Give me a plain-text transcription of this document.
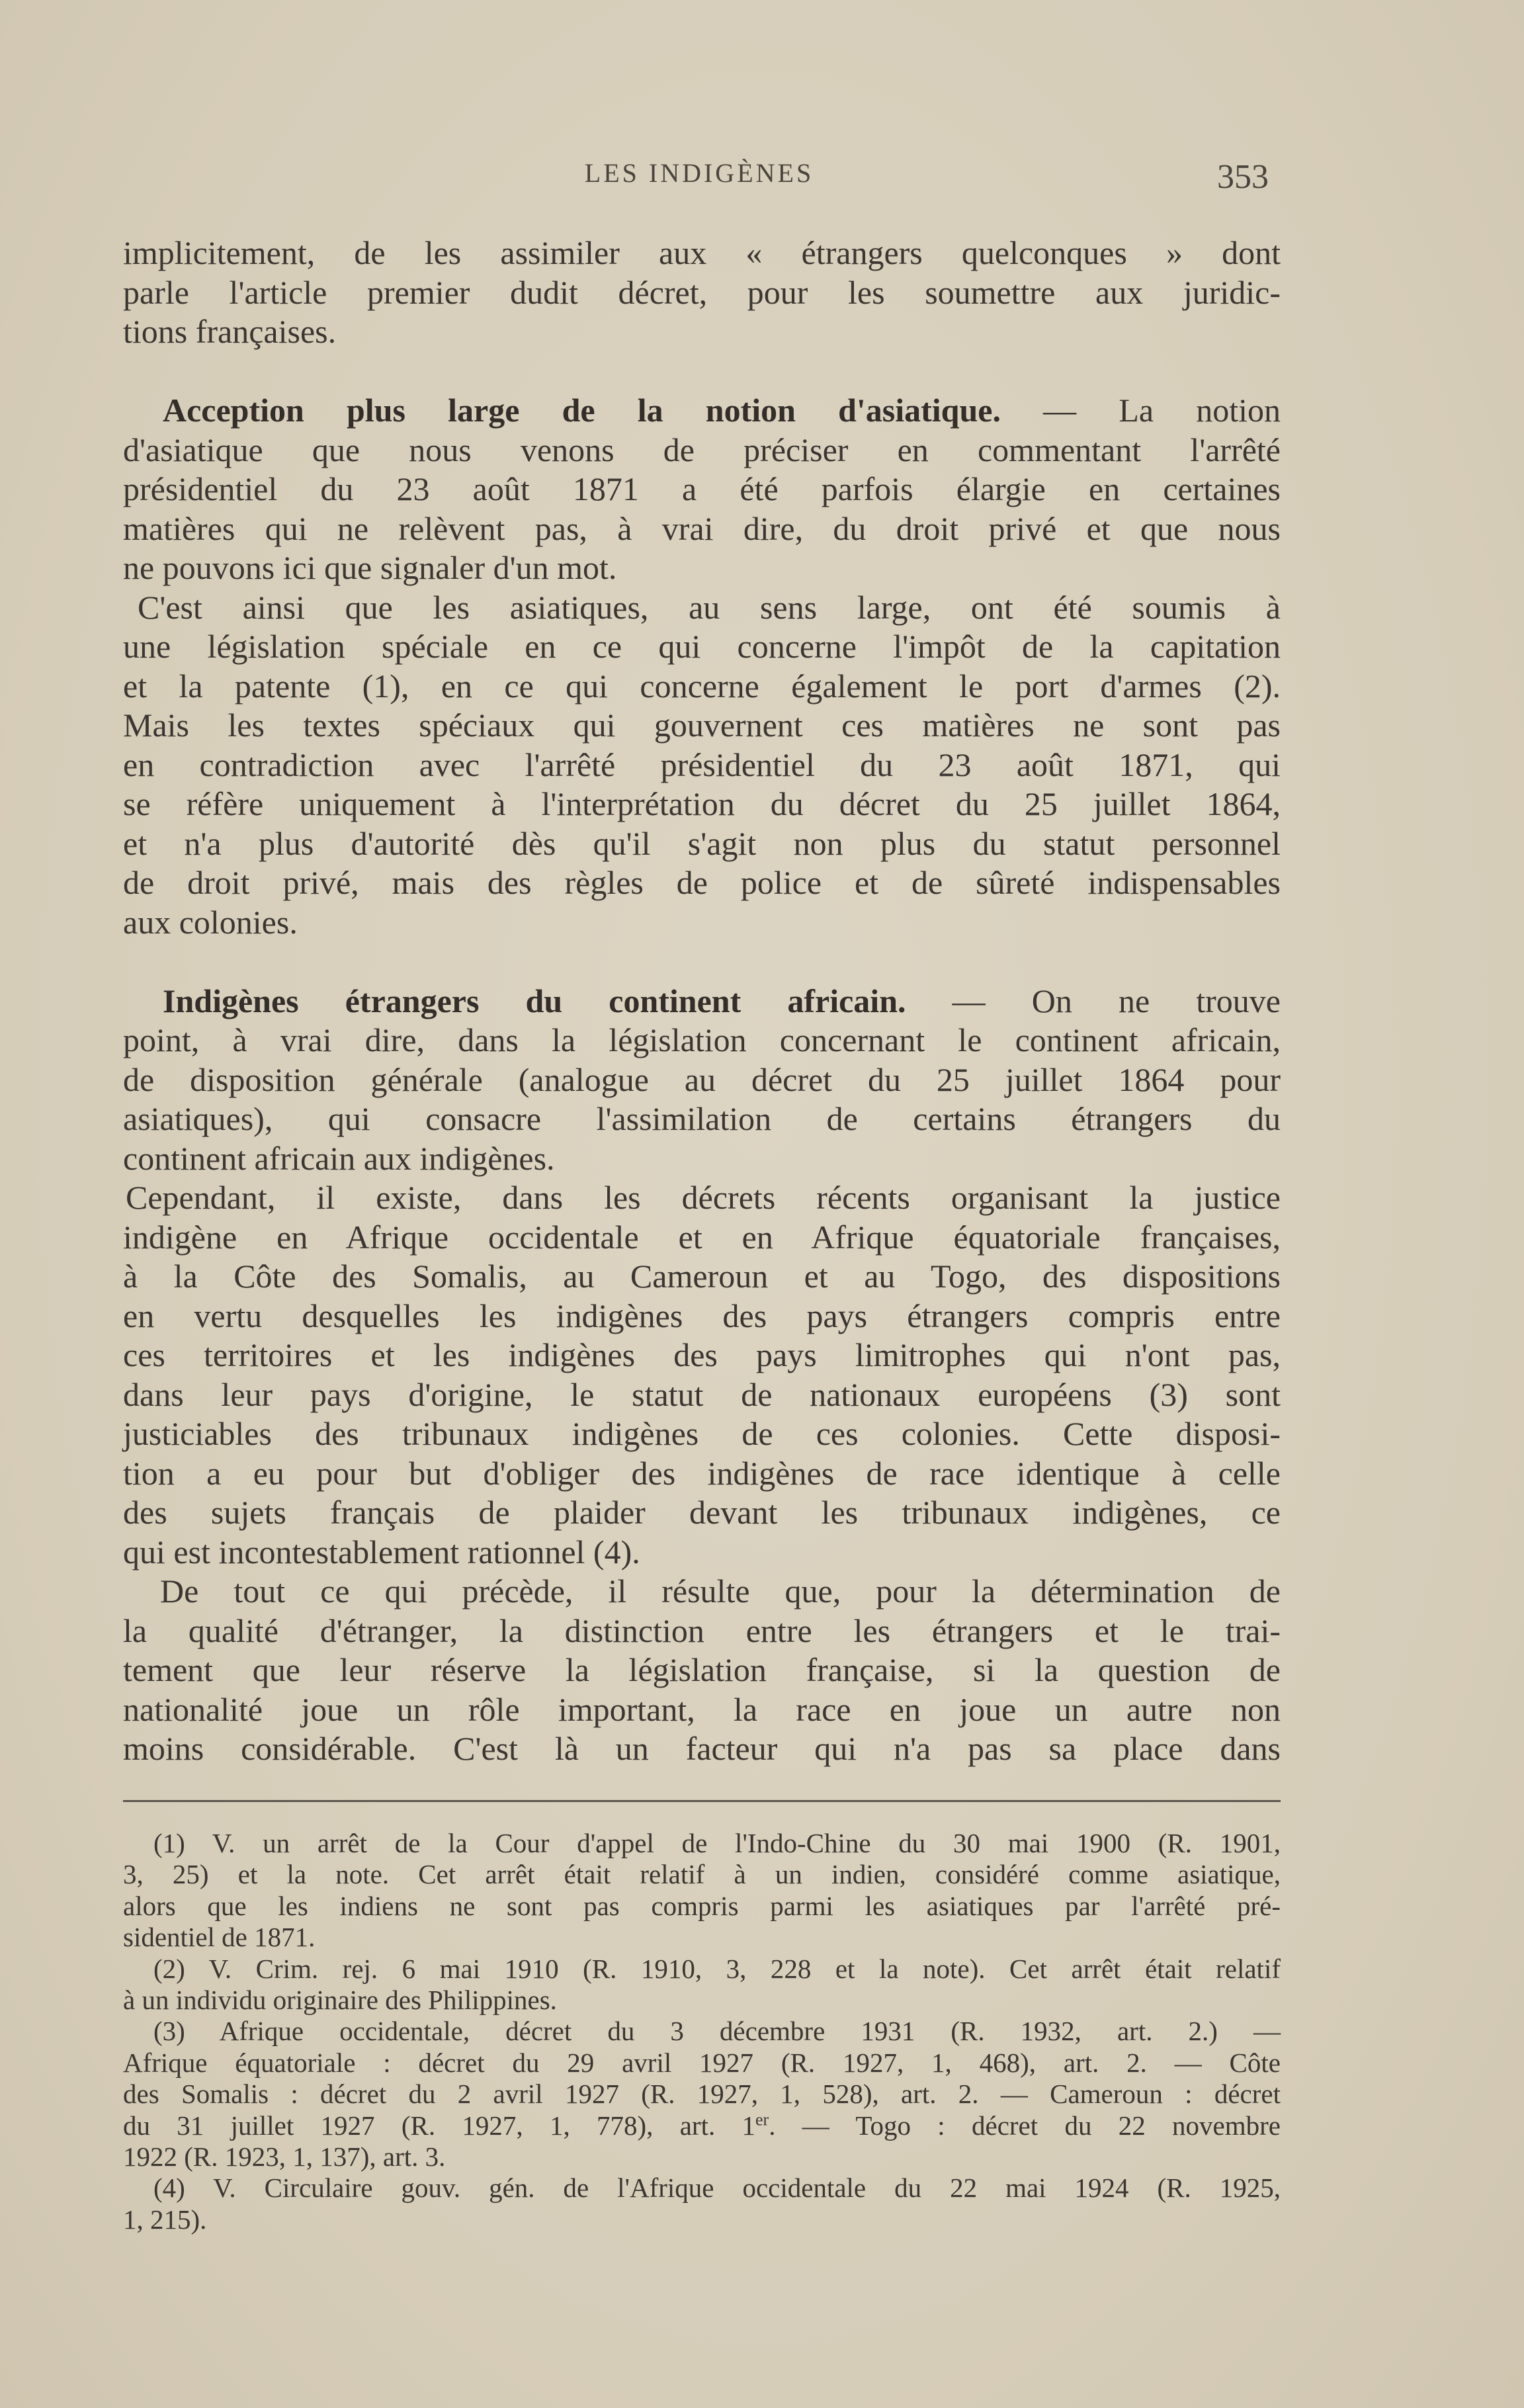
LES INDIGÈNES	353
implicitement, de les assimiler aux « étrangers quelconques » dont
parle l'article premier dudit décret, pour les soumettre aux juridic-
tions françaises.
Acception plus large de la notion d'asiatique. — La notion
d'asiatique que nous venons de préciser en commentant l'arrêté
présidentiel du 23 août 1871 a été parfois élargie en certaines
matières qui ne relèvent pas, à vrai dire, du droit privé et que nous
ne pouvons ici que signaler d'un mot.
C'est ainsi que les asiatiques, au sens large, ont été soumis à
une législation spéciale en ce qui concerne l'impôt de la capitation
et la patente (1), en ce qui concerne également le port d'armes (2).
Mais les textes spéciaux qui gouvernent ces matières ne sont pas
en contradiction avec l'arrêté présidentiel du 23 août 1871, qui
se réfère uniquement à l'interprétation du décret du 25 juillet 1864,
et n'a plus d'autorité dès qu'il s'agit non plus du statut personnel
de droit privé, mais des règles de police et de sûreté indispensables
aux colonies.
Indigènes étrangers du continent africain. — On ne trouve
point, à vrai dire, dans la législation concernant le continent africain,
de disposition générale (analogue au décret du 25 juillet 1864 pour
asiatiques), qui consacre l'assimilation de certains étrangers du
continent africain aux indigènes.
Cependant, il existe, dans les décrets récents organisant la justice
indigène en Afrique occidentale et en Afrique équatoriale françaises,
à la Côte des Somalis, au Cameroun et au Togo, des dispositions
en vertu desquelles les indigènes des pays étrangers compris entre
ces territoires et les indigènes des pays limitrophes qui n'ont pas,
dans leur pays d'origine, le statut de nationaux européens (3) sont
justiciables des tribunaux indigènes de ces colonies. Cette disposi-
tion a eu pour but d'obliger des indigènes de race identique à celle
des sujets français de plaider devant les tribunaux indigènes, ce
qui est incontestablement rationnel (4).
De tout ce qui précède, il résulte que, pour la détermination de
la qualité d'étranger, la distinction entre les étrangers et le trai-
tement que leur réserve la législation française, si la question de
nationalité joue un rôle important, la race en joue un autre non
moins considérable. C'est là un facteur qui n'a pas sa place dans
(1) V. un arrêt de la Cour d'appel de l'Indo-Chine du 30 mai 1900 (R. 1901,
3, 25) et la note. Cet arrêt était relatif à un indien, considéré comme asiatique,
alors que les indiens ne sont pas compris parmi les asiatiques par l'arrêté pré-
sidentiel de 1871.
(2) V. Crim. rej. 6 mai 1910 (R. 1910, 3, 228 et la note). Cet arrêt était relatif
à un individu originaire des Philippines.
(3) Afrique occidentale, décret du 3 décembre 1931 (R. 1932, art. 2.) —
Afrique équatoriale : décret du 29 avril 1927 (R. 1927, 1, 468), art. 2. — Côte
des Somalis : décret du 2 avril 1927 (R. 1927, 1, 528), art. 2. — Cameroun : décret
du 31 juillet 1927 (R. 1927, 1, 778), art. 1er. — Togo : décret du 22 novembre
1922 (R. 1923, 1, 137), art. 3.
(4) V. Circulaire gouv. gén. de l'Afrique occidentale du 22 mai 1924 (R. 1925,
1, 215).
